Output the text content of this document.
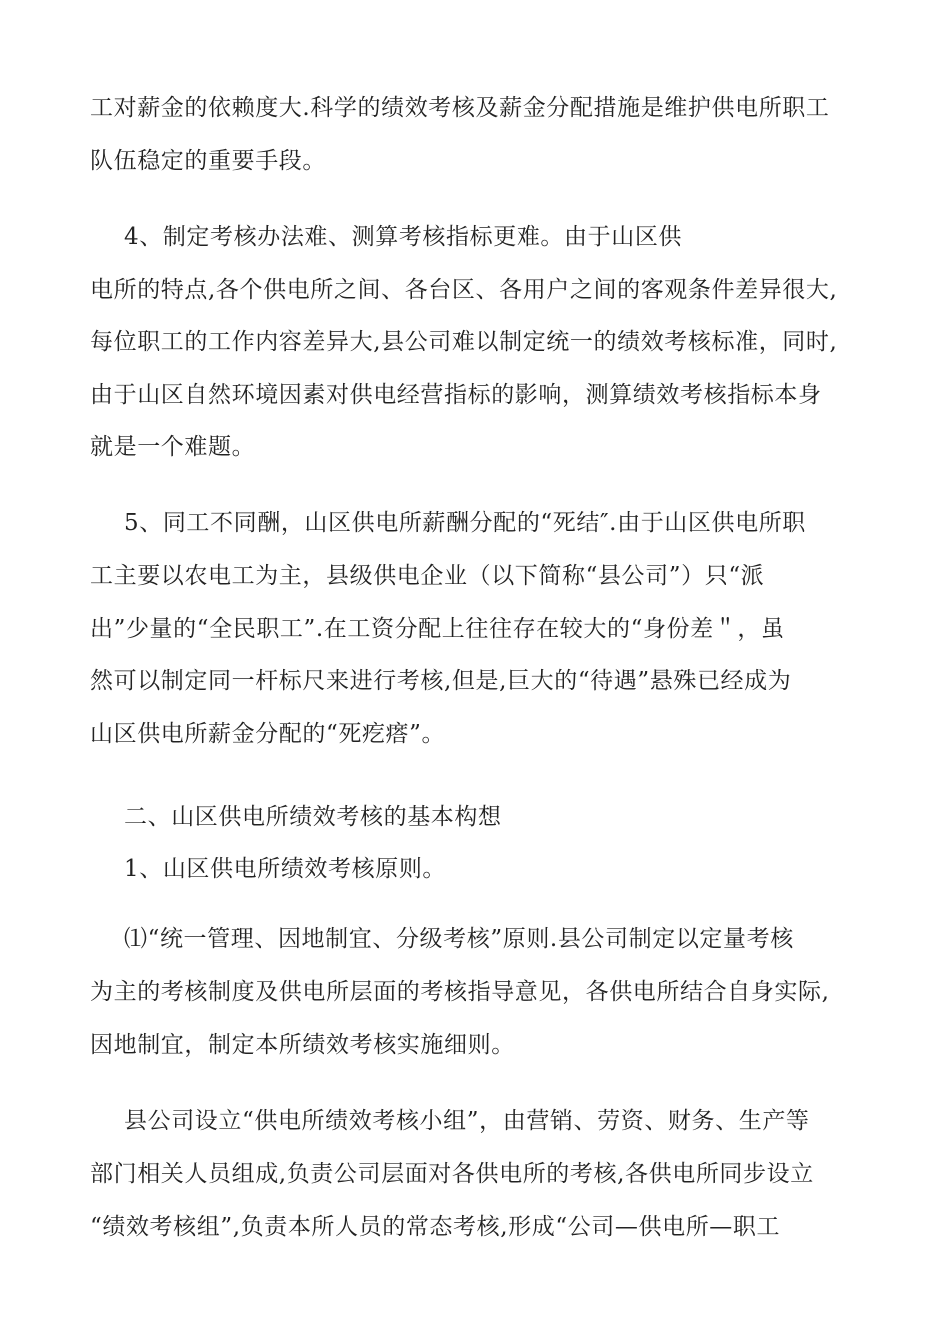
工对薪金的依赖度大.科学的绩效考核及薪金分配措施是维护供电所职工
队伍稳定的重要手段。
4、制定考核办法难、测算考核指标更难。由于山区供
电所的特点,各个供电所之间、各台区、各用户之间的客观条件差异很大,
每位职工的工作内容差异大,县公司难以制定统一的绩效考核标准，同时,
由于山区自然环境因素对供电经营指标的影响，测算绩效考核指标本身
就是一个难题。
5、同工不同酬，山区供电所薪酬分配的“死结″.由于山区供电所职
工主要以农电工为主，县级供电企业（以下简称“县公司”）只“派
出”少量的“全民职工”.在工资分配上往往存在较大的“身份差＂，虽
然可以制定同一杆标尺来进行考核,但是,巨大的“待遇”悬殊已经成为
山区供电所薪金分配的“死疙瘩”。
二、山区供电所绩效考核的基本构想
1、山区供电所绩效考核原则。
⑴“统一管理、因地制宜、分级考核”原则.县公司制定以定量考核
为主的考核制度及供电所层面的考核指导意见，各供电所结合自身实际,
因地制宜，制定本所绩效考核实施细则。
县公司设立“供电所绩效考核小组”，由营销、劳资、财务、生产等
部门相关人员组成,负责公司层面对各供电所的考核,各供电所同步设立
“绩效考核组”,负责本所人员的常态考核,形成“公司—供电所—职工
